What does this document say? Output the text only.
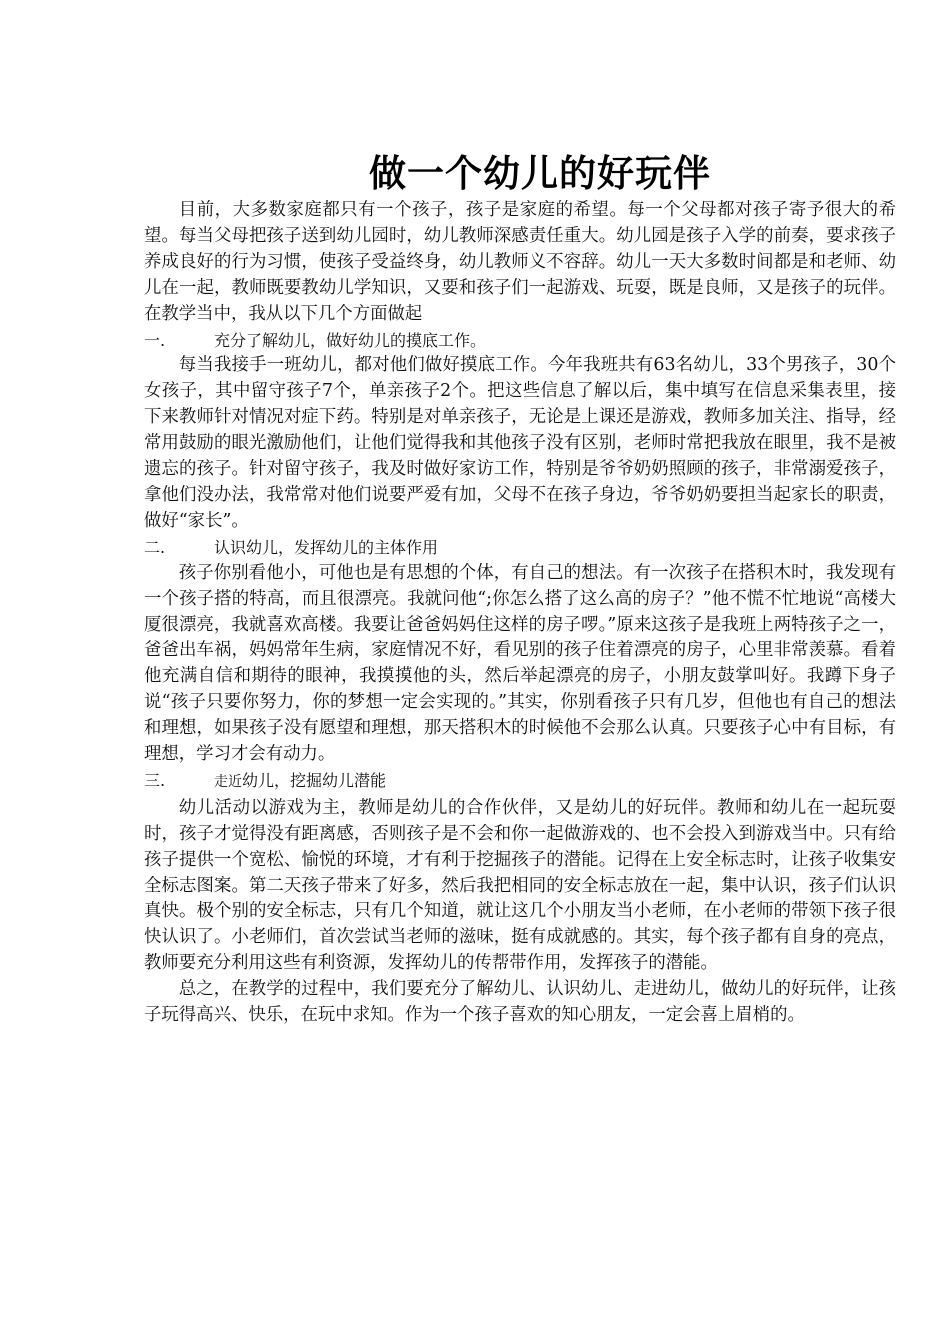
做一个幼儿的好玩伴

目前，大多数家庭都只有一个孩子，孩子是家庭的希望。每一个父母都对孩子寄予很大的希望。每当父母把孩子送到幼儿园时，幼儿教师深感责任重大。幼儿园是孩子入学的前奏，要求孩子养成良好的行为习惯，使孩子受益终身，幼儿教师义不容辞。幼儿一天大多数时间都是和老师、幼儿在一起，教师既要教幼儿学知识，又要和孩子们一起游戏、玩耍，既是良师，又是孩子的玩伴。在教学当中，我从以下几个方面做起

一.	充分了解幼儿，做好幼儿的摸底工作。

每当我接手一班幼儿，都对他们做好摸底工作。今年我班共有63名幼儿，33个男孩子，30个女孩子，其中留守孩子7个，单亲孩子2个。把这些信息了解以后，集中填写在信息采集表里，接下来教师针对情况对症下药。特别是对单亲孩子，无论是上课还是游戏，教师多加关注、指导，经常用鼓励的眼光激励他们，让他们觉得我和其他孩子没有区别，老师时常把我放在眼里，我不是被遗忘的孩子。针对留守孩子，我及时做好家访工作，特别是爷爷奶奶照顾的孩子，非常溺爱孩子，拿他们没办法，我常常对他们说要严爱有加，父母不在孩子身边，爷爷奶奶要担当起家长的职责，做好“家长”。

二.	认识幼儿，发挥幼儿的主体作用

孩子你别看他小，可他也是有思想的个体，有自己的想法。有一次孩子在搭积木时，我发现有一个孩子搭的特高，而且很漂亮。我就问他“;你怎么搭了这么高的房子？”他不慌不忙地说“高楼大厦很漂亮，我就喜欢高楼。我要让爸爸妈妈住这样的房子啰。”原来这孩子是我班上两特孩子之一，爸爸出车祸，妈妈常年生病，家庭情况不好，看见别的孩子住着漂亮的房子，心里非常羡慕。看着他充满自信和期待的眼神，我摸摸他的头，然后举起漂亮的房子，小朋友鼓掌叫好。我蹲下身子说“孩子只要你努力，你的梦想一定会实现的。”其实，你别看孩子只有几岁，但他也有自己的想法和理想，如果孩子没有愿望和理想，那天搭积木的时候他不会那么认真。只要孩子心中有目标，有理想，学习才会有动力。

三.	走近幼儿，挖掘幼儿潜能

幼儿活动以游戏为主，教师是幼儿的合作伙伴，又是幼儿的好玩伴。教师和幼儿在一起玩耍时，孩子才觉得没有距离感，否则孩子是不会和你一起做游戏的、也不会投入到游戏当中。只有给孩子提供一个宽松、愉悦的环境，才有利于挖掘孩子的潜能。记得在上安全标志时，让孩子收集安全标志图案。第二天孩子带来了好多，然后我把相同的安全标志放在一起，集中认识，孩子们认识真快。极个别的安全标志，只有几个知道，就让这几个小朋友当小老师，在小老师的带领下孩子很快认识了。小老师们，首次尝试当老师的滋味，挺有成就感的。其实，每个孩子都有自身的亮点，教师要充分利用这些有利资源，发挥幼儿的传帮带作用，发挥孩子的潜能。

总之，在教学的过程中，我们要充分了解幼儿、认识幼儿、走进幼儿，做幼儿的好玩伴，让孩子玩得高兴、快乐，在玩中求知。作为一个孩子喜欢的知心朋友，一定会喜上眉梢的。
